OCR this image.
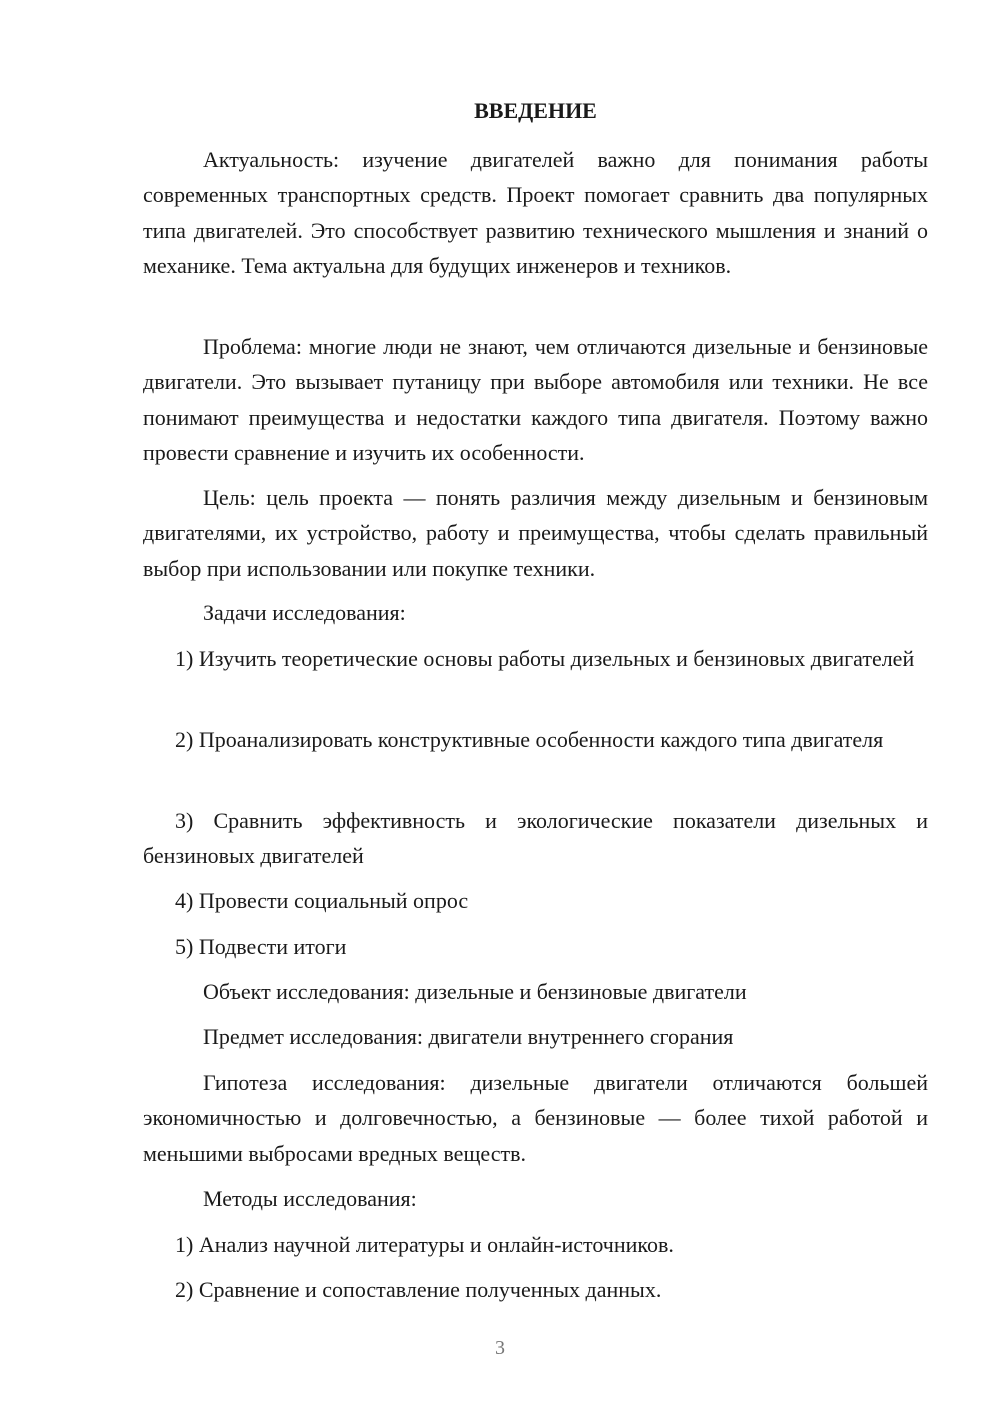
ВВЕДЕНИЕ

Актуальность: изучение двигателей важно для понимания работы современных транспортных средств. Проект помогает сравнить два популярных типа двигателей. Это способствует развитию технического мышления и знаний о механике. Тема актуальна для будущих инженеров и техников.

Проблема: многие люди не знают, чем отличаются дизельные и бензиновые двигатели. Это вызывает путаницу при выборе автомобиля или техники. Не все понимают преимущества и недостатки каждого типа двигателя. Поэтому важно провести сравнение и изучить их особенности.

Цель: цель проекта — понять различия между дизельным и бензиновым двигателями, их устройство, работу и преимущества, чтобы сделать правильный выбор при использовании или покупке техники.

Задачи исследования:

1) Изучить теоретические основы работы дизельных и бензиновых двигателей

2) Проанализировать конструктивные особенности каждого типа двигателя

3) Сравнить эффективность и экологические показатели дизельных и бензиновых двигателей

4) Провести социальный опрос

5) Подвести итоги

Объект исследования: дизельные и бензиновые двигатели

Предмет исследования: двигатели внутреннего сгорания

Гипотеза исследования: дизельные двигатели отличаются большей экономичностью и долговечностью, а бензиновые — более тихой работой и меньшими выбросами вредных веществ.

Методы исследования:

1) Анализ научной литературы и онлайн-источников.

2) Сравнение и сопоставление полученных данных.

3
